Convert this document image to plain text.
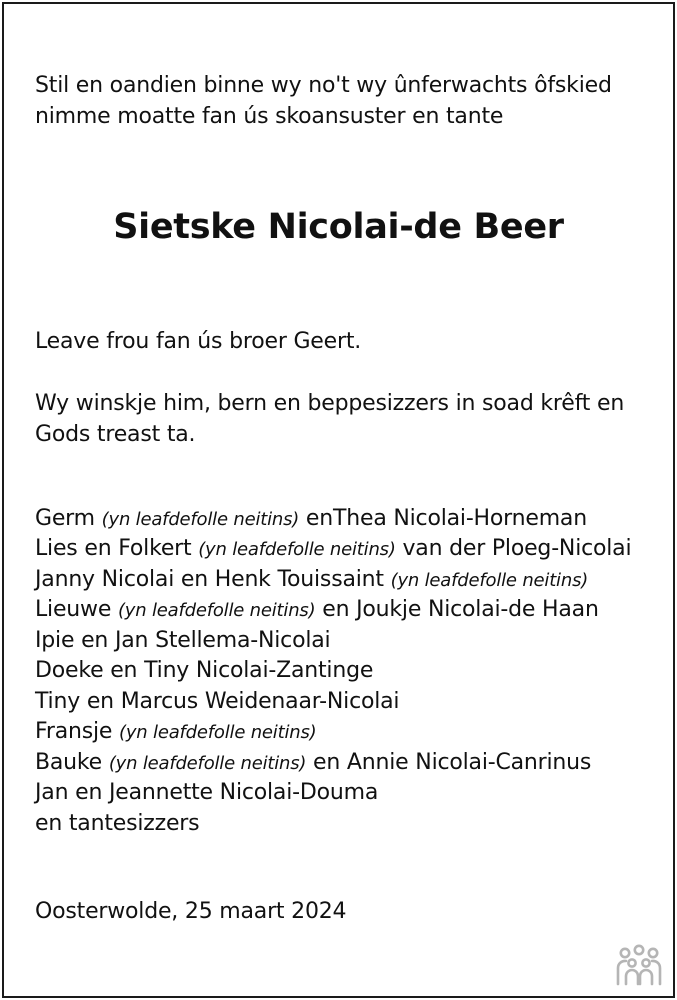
Stil en oandien binne wy no't wy ûnferwachts ôfskied
nimme moatte fan ús skoansuster en tante
Sietske Nicolai-de Beer
Leave frou fan ús broer Geert.
Wy winskje him, bern en beppesizzers in soad krêft en
Gods treast ta.
Germ (yn leafdefolle neitins) enThea Nicolai-Horneman
Lies en Folkert (yn leafdefolle neitins) van der Ploeg-Nicolai
Janny Nicolai en Henk Touissaint (yn leafdefolle neitins)
Lieuwe (yn leafdefolle neitins) en Joukje Nicolai-de Haan
Ipie en Jan Stellema-Nicolai
Doeke en Tiny Nicolai-Zantinge
Tiny en Marcus Weidenaar-Nicolai
Fransje (yn leafdefolle neitins)
Bauke (yn leafdefolle neitins) en Annie Nicolai-Canrinus
Jan en Jeannette Nicolai-Douma
en tantesizzers
Oosterwolde, 25 maart 2024
